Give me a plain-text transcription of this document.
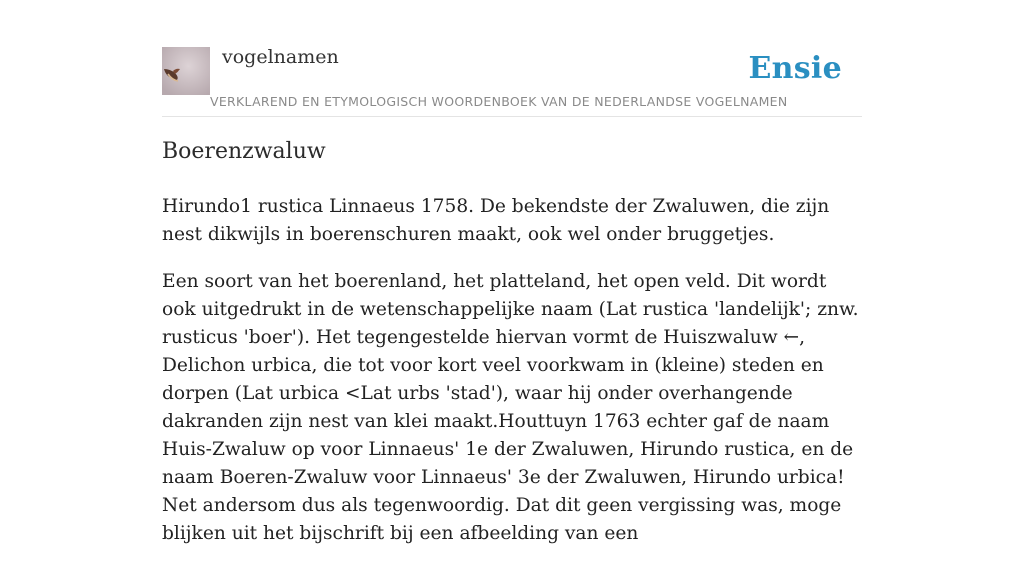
vogelnamen	Ensie
VERKLAREND EN ETYMOLOGISCH WOORDENBOEK VAN DE NEDERLANDSE VOGELNAMEN
Boerenzwaluw

Hirundo1 rustica Linnaeus 1758. De bekendste der Zwaluwen, die zijn nest dikwijls in boerenschuren maakt, ook wel onder bruggetjes.

Een soort van het boerenland, het platteland, het open veld. Dit wordt ook uitgedrukt in de wetenschappelijke naam (Lat rustica 'landelijk'; znw. rusticus 'boer'). Het tegengestelde hiervan vormt de Huiszwaluw ←, Delichon urbica, die tot voor kort veel voorkwam in (kleine) steden en dorpen (Lat urbica <Lat urbs 'stad'), waar hij onder overhangende dakranden zijn nest van klei maakt.Houttuyn 1763 echter gaf de naam Huis-Zwaluw op voor Linnaeus' 1e der Zwaluwen, Hirundo rustica, en de naam Boeren-Zwaluw voor Linnaeus' 3e der Zwaluwen, Hirundo urbica! Net andersom dus als tegenwoordig. Dat dit geen vergissing was, moge blijken uit het bijschrift bij een afbeelding van een
